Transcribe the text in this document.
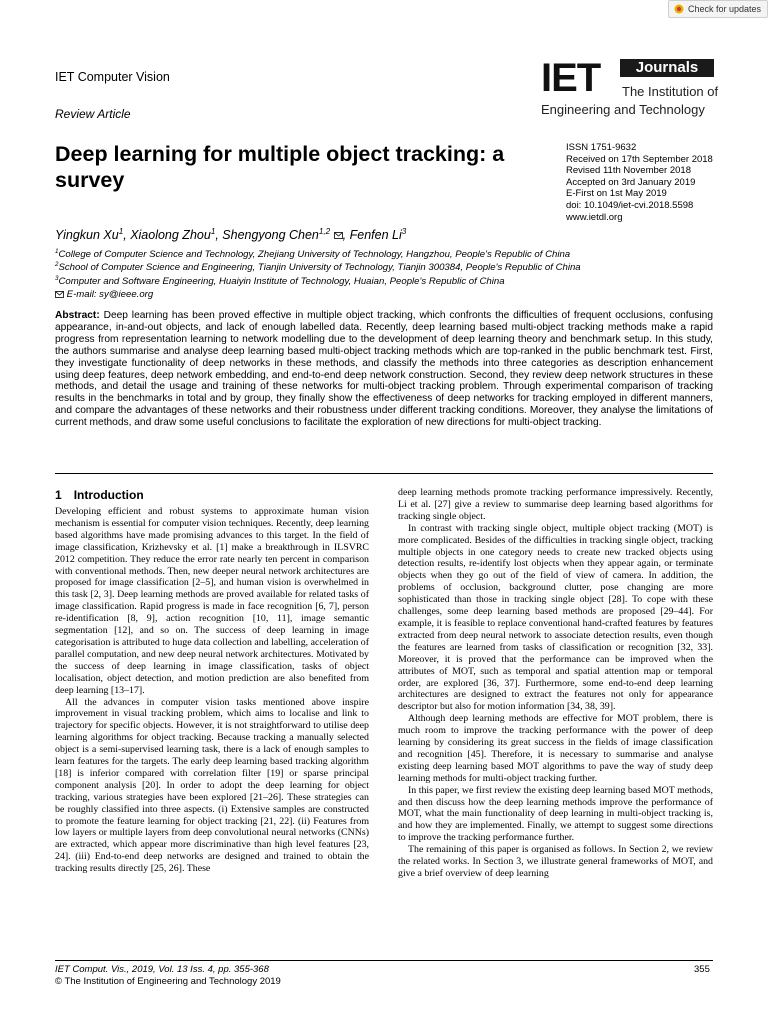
Check for updates
IET Computer Vision
Review Article
IET	Journals
The Institution of
Engineering and Technology
Deep learning for multiple object tracking: a survey
ISSN 1751-9632
Received on 17th September 2018
Revised 11th November 2018
Accepted on 3rd January 2019
E-First on 1st May 2019
doi: 10.1049/iet-cvi.2018.5598
www.ietdl.org
Yingkun Xu$^1$, Xiaolong Zhou$^1$, Shengyong Chen$^{1,2}$ , Fenfen Li$^3$
$^1$College of Computer Science and Technology, Zhejiang University of Technology, Hangzhou, People's Republic of China
$^2$School of Computer Science and Engineering, Tianjin University of Technology, Tianjin 300384, People's Republic of China
$^3$Computer and Software Engineering, Huaiyin Institute of Technology, Huaian, People's Republic of China
E-mail: sy@ieee.org

Abstract: Deep learning has been proved effective in multiple object tracking, which confronts the difficulties of frequent occlusions, confusing appearance, in-and-out objects, and lack of enough labelled data. Recently, deep learning based multi-object tracking methods make a rapid progress from representation learning to network modelling due to the development of deep learning theory and benchmark setup. In this study, the authors summarise and analyse deep learning based multi-object tracking methods which are top-ranked in the public benchmark test. First, they investigate functionality of deep networks in these methods, and classify the methods into three categories as description enhancement using deep features, deep network embedding, and end-to-end deep network construction. Second, they review deep network structures in these methods, and detail the usage and training of these networks for multi-object tracking problem. Through experimental comparison of tracking results in the benchmarks in total and by group, they finally show the effectiveness of deep networks for tracking employed in different manners, and compare the advantages of these networks and their robustness under different tracking conditions. Moreover, they analyse the limitations of current methods, and draw some useful conclusions to facilitate the exploration of new directions for multi-object tracking.

1 Introduction

Developing efficient and robust systems to approximate human vision mechanism is essential for computer vision techniques. Recently, deep learning based algorithms have made promising advances to this target. In the field of image classification, Krizhevsky et al. [1] make a breakthrough in ILSVRC 2012 competition. They reduce the error rate nearly ten percent in comparison with conventional methods. Then, new deeper neural network architectures are proposed for image classification [2–5], and human vision is overwhelmed in this task [2, 3]. Deep learning methods are proved available for related tasks of image classification. Rapid progress is made in face recognition [6, 7], person re-identification [8, 9], action recognition [10, 11], image semantic segmentation [12], and so on. The success of deep learning in image categorisation is attributed to huge data collection and labelling, acceleration of parallel computation, and new deep neural network architectures. Motivated by the success of deep learning in image classification, tasks of object localisation, object detection, and motion prediction are also benefited from deep learning [13–17].

All the advances in computer vision tasks mentioned above inspire improvement in visual tracking problem, which aims to localise and link to trajectory for specific objects. However, it is not straightforward to utilise deep learning algorithms for object tracking. Because tracking a manually selected object is a semi-supervised learning task, there is a lack of enough samples to learn features for the targets. The early deep learning based tracking algorithm [18] is inferior compared with correlation filter [19] or sparse principal component analysis [20]. In order to adopt the deep learning for object tracking, various strategies have been explored [21–26]. These strategies can be roughly classified into three aspects. (i) Extensive samples are constructed to promote the feature learning for object tracking [21, 22]. (ii) Features from low layers or multiple layers from deep convolutional neural networks (CNNs) are extracted, which appear more discriminative than high level features [23, 24]. (iii) End-to-end deep networks are designed and trained to obtain the tracking results directly [25, 26]. These

deep learning methods promote tracking performance impressively. Recently, Li et al. [27] give a review to summarise deep learning based algorithms for tracking single object.

In contrast with tracking single object, multiple object tracking (MOT) is more complicated. Besides of the difficulties in tracking single object, tracking multiple objects in one category needs to create new tracked objects using detection results, re-identify lost objects when they appear again, or terminate objects when they go out of the field of view of camera. In addition, the problems of occlusion, background clutter, pose changing are more sophisticated than those in tracking single object [28]. To cope with these challenges, some deep learning based methods are proposed [29–44]. For example, it is feasible to replace conventional hand-crafted features by features extracted from deep neural network to associate detection results, even though the features are learned from tasks of classification or recognition [32, 33]. Moreover, it is proved that the performance can be improved when the attributes of MOT, such as temporal and spatial attention map or temporal order, are explored [36, 37]. Furthermore, some end-to-end deep learning architectures are designed to extract the features not only for appearance descriptor but also for motion information [34, 38, 39].

Although deep learning methods are effective for MOT problem, there is much room to improve the tracking performance with the power of deep learning by considering its great success in the fields of image classification and recognition [45]. Therefore, it is necessary to summarise and analyse existing deep learning based MOT algorithms to pave the way of study deep learning methods for multi-object tracking further.

In this paper, we first review the existing deep learning based MOT methods, and then discuss how the deep learning methods improve the performance of MOT, what the main functionality of deep learning in multi-object tracking is, and how they are implemented. Finally, we attempt to suggest some directions to improve the tracking performance further.

The remaining of this paper is organised as follows. In Section 2, we review the related works. In Section 3, we illustrate general frameworks of MOT, and give a brief overview of deep learning

IET Comput. Vis., 2019, Vol. 13 Iss. 4, pp. 355-368
© The Institution of Engineering and Technology 2019
355
